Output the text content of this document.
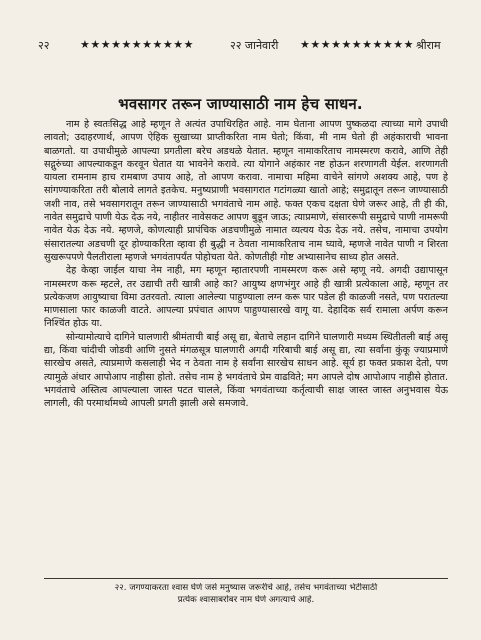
२२	★★★★★★★★★★★	२२ जानेवारी ★★★★★★★★★★★ श्रीराम
भवसागर तरून जाण्यासाठी नाम हेच साधन.

नाम हे स्वतःसिद्ध आहे म्हणून ते अत्यंत उपाधिरहित आहे. नाम घेताना आपण पुष्कळदा त्याच्या मागे उपाधी लावतो; उदाहरणार्थ, आपण ऐहिक सुखाच्या प्राप्तीकरिता नाम घेतो; किंवा, मी नाम घेतो ही अहंकाराची भावना बाळगतो. या उपाधीमुळे आपल्या प्रगतीला बरेच अडथळे येतात. म्हणून नामाकरिताच नामस्मरण करावे, आणि तेही सद्गुरुंच्या आपल्याकडून करवून घेतात या भावनेने करावे. त्या योगाने अहंकार नष्ट होऊन शरणागती येईल. शरणागती यायला रामनाम हाच रामबाण उपाय आहे, तो आपण करावा. नामाचा महिमा वाचेने सांगणे अशक्य आहे, पण हे सांगण्याकरिता तरी बोलावे लागते इतकेच. मनुष्यप्राणी भवसागरात गटांगळ्या खातो आहे; समुद्रातून तरून जाण्यासाठी जशी नाव, तसे भवसागरातून तरून जाण्यासाठी भगवंताचे नाम आहे. फक्त एकच दक्षता घेणे जरूर आहे, ती ही की, नावेत समुद्राचे पाणी येऊ देऊ नये, नाहीतर नावेसकट आपण बुडून जाऊ; त्याप्रमाणे, संसाररूपी समुद्राचे पाणी नामरूपी नावेत येऊ देऊ नये. म्हणजे, कोणत्याही प्रापंचिक अडचणीमुळे नामात व्यत्यय येऊ देऊ नये. तसेच, नामाचा उपयोग संसारातल्या अडचणी दूर होण्याकरिता व्हावा ही बुद्धी न ठेवता नामाकरिताच नाम घ्यावे, म्हणजे नावेत पाणी न शिरता सुखरूपपणे पैलतीराला म्हणजे भगवंतापर्यंत पोहोचता येते. कोणतीही गोष्ट अभ्यासानेच साध्य होत असते.

देह केव्हा जाईल याचा नेम नाही, मग म्हणून म्हातारपणी नामस्मरण करू असे म्हणू नये. अगदी उद्यापासून नामस्मरण करू म्हटले, तर उद्याची तरी खात्री आहे का? आयुष्य क्षणभंगुर आहे ही खात्री प्रत्येकाला आहे, म्हणून तर प्रत्येकजण आयुष्याचा विमा उतरवतो. त्याला आलेल्या पाहुण्याला लग्न करू पार पडेल ही काळजी नसते, पण परातल्या माणसाला फार काळजी वाटते. आपल्या प्रपंचात आपण पाहुण्यासारखे वागू या. देहादिक सर्व रामाला अर्पण करून निश्चिंत होऊ या.

सोन्यामोत्याचे दागिने घालणारी श्रीमंताची बाई असू द्या, बेताचे लहान दागिने घालणारी मध्यम स्थितीतली बाई असू द्या, किंवा चांदीची जोडवी आणि नुसते मंगळसूत्र घालणारी अगदी गरिबाची बाई असू द्या, त्या सर्वांना कुंकू ज्याप्रमाणे सारखेच असते, त्याप्रमाणे कसलाही भेद न ठेवता नाम हे सर्वांना सारखेच साधन आहे. सूर्य हा फक्त प्रकाश देतो, पण त्यामुळे अंधार आपोआप नाहीसा होतो. तसेच नाम हे भगवंताचे प्रेम वाढविते; मग आपले दोष आपोआप नाहीसे होतात. भगवंताचे अस्तित्व आपल्याला जास्त पटत चालले, किंवा भगवंताच्या कर्तृत्वाची साक्ष जास्त जास्त अनुभवास येऊ लागली, की परमार्थामध्ये आपली प्रगती झाली असे समजावे.

२२. जगण्याकरता श्वास घेणे जसे मनुष्यास जरूरीचे आहे, तसेच भगवंताच्या भेटीसाठी
प्रत्येक श्वासाबरोबर नाम घेणे अगत्याचे आहे.
